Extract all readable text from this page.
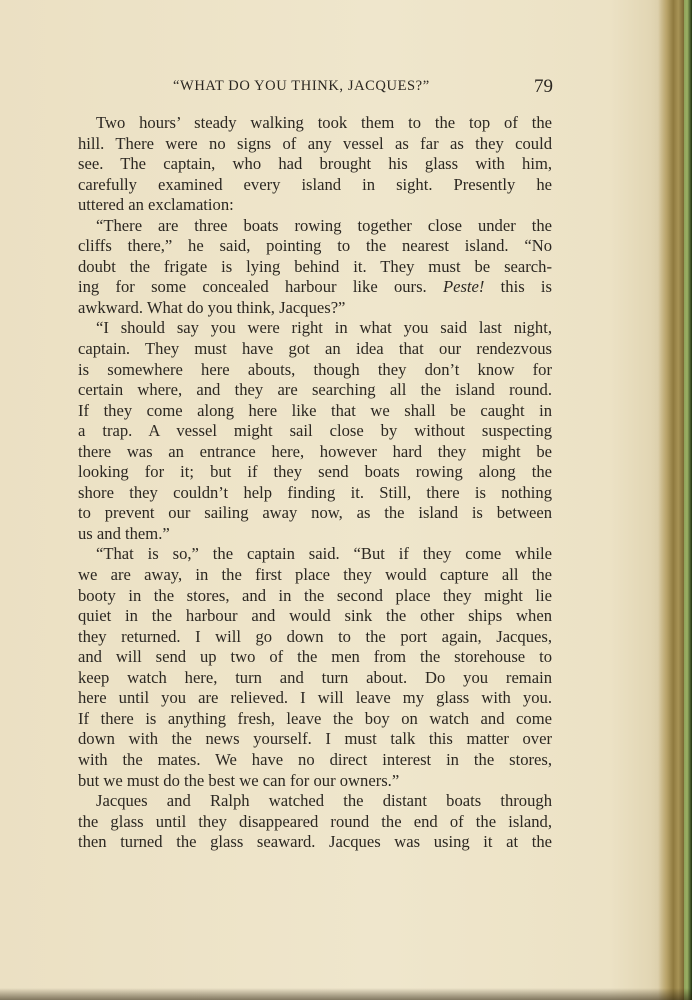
“WHAT DO YOU THINK, JACQUES?”	79
Two hours’ steady walking took them to the top of the
hill. There were no signs of any vessel as far as they could
see. The captain, who had brought his glass with him,
carefully examined every island in sight. Presently he
uttered an exclamation:
“There are three boats rowing together close under the
cliffs there,” he said, pointing to the nearest island. “No
doubt the frigate is lying behind it. They must be search-
ing for some concealed harbour like ours. Peste! this is
awkward. What do you think, Jacques?”
“I should say you were right in what you said last night,
captain. They must have got an idea that our rendezvous
is somewhere here abouts, though they don’t know for
certain where, and they are searching all the island round.
If they come along here like that we shall be caught in
a trap. A vessel might sail close by without suspecting
there was an entrance here, however hard they might be
looking for it; but if they send boats rowing along the
shore they couldn’t help finding it. Still, there is nothing
to prevent our sailing away now, as the island is between
us and them.”
“That is so,” the captain said. “But if they come while
we are away, in the first place they would capture all the
booty in the stores, and in the second place they might lie
quiet in the harbour and would sink the other ships when
they returned. I will go down to the port again, Jacques,
and will send up two of the men from the storehouse to
keep watch here, turn and turn about. Do you remain
here until you are relieved. I will leave my glass with you.
If there is anything fresh, leave the boy on watch and come
down with the news yourself. I must talk this matter over
with the mates. We have no direct interest in the stores,
but we must do the best we can for our owners.”
Jacques and Ralph watched the distant boats through
the glass until they disappeared round the end of the island,
then turned the glass seaward. Jacques was using it at the
